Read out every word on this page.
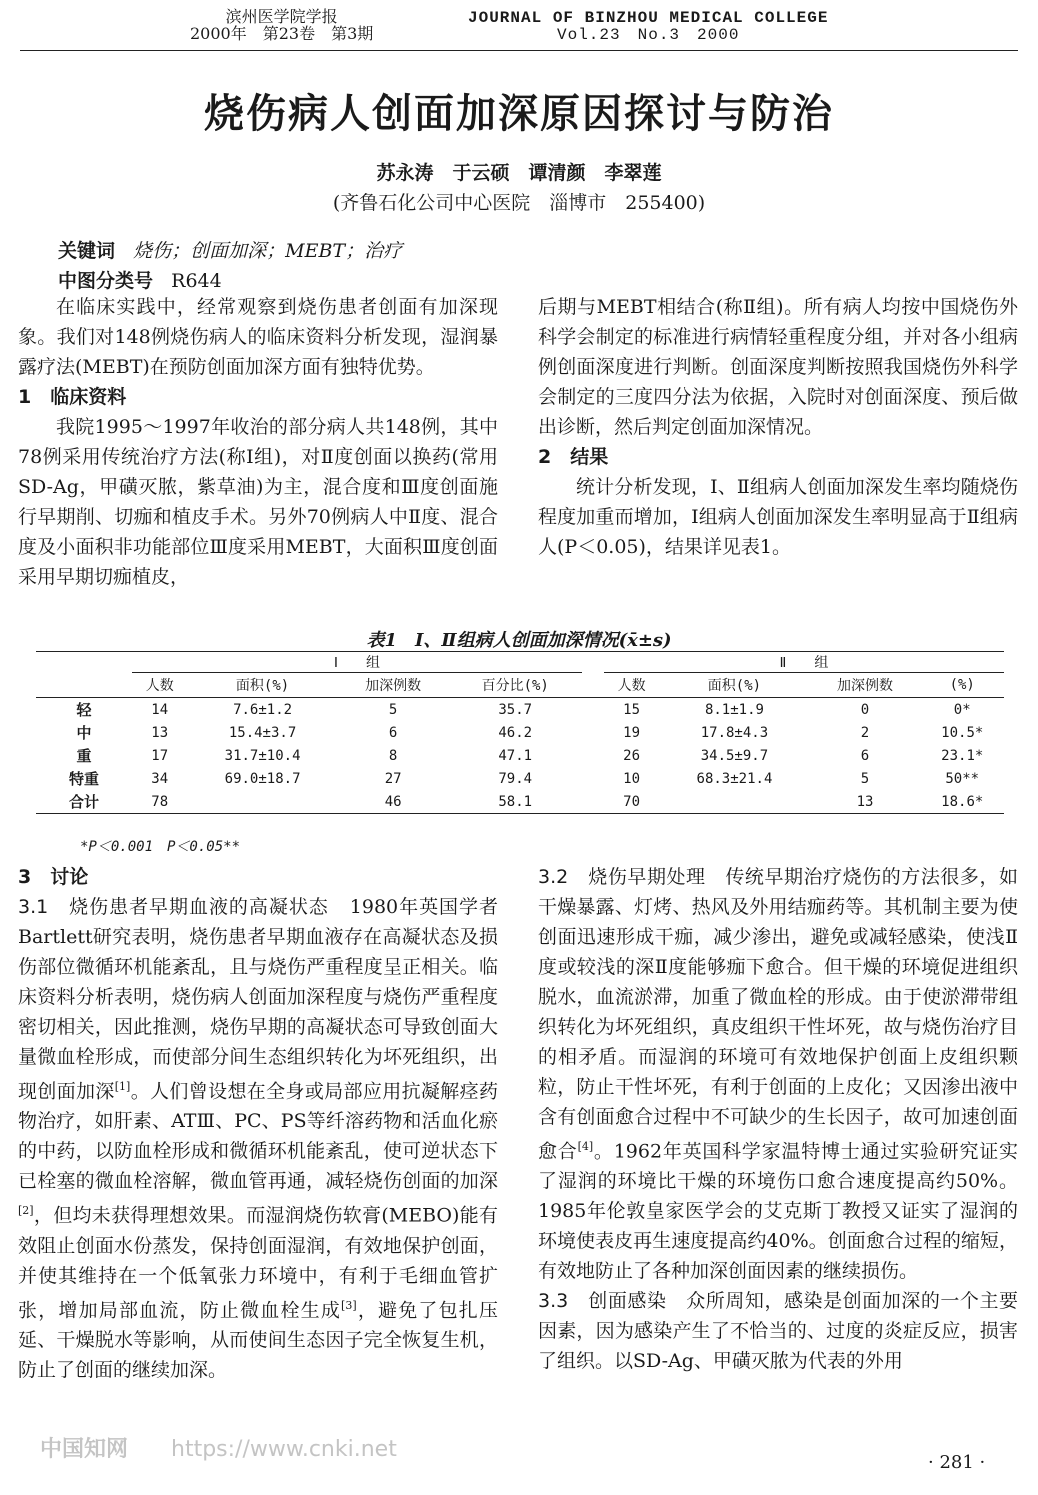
滨州医学院学报
2000年　第23卷　第3期
JOURNAL OF BINZHOU MEDICAL COLLEGE
Vol.23　No.3　2000
烧伤病人创面加深原因探讨与防治
苏永涛　于云硕　谭清颜　李翠莲
(齐鲁石化公司中心医院　淄博市　255400)
关键词 烧伤；创面加深；MEBT；治疗
中图分类号 R644

在临床实践中，经常观察到烧伤患者创面有加深现象。我们对148例烧伤病人的临床资料分析发现，湿润暴露疗法(MEBT)在预防创面加深方面有独特优势。

1　临床资料

我院1995～1997年收治的部分病人共148例，其中78例采用传统治疗方法(称Ⅰ组)，对Ⅱ度创面以换药(常用SD-Ag，甲磺灭脓，紫草油)为主，混合度和Ⅲ度创面施行早期削、切痂和植皮手术。另外70例病人中Ⅱ度、混合度及小面积非功能部位Ⅲ度采用MEBT，大面积Ⅲ度创面采用早期切痂植皮，

后期与MEBT相结合(称Ⅱ组)。所有病人均按中国烧伤外科学会制定的标准进行病情轻重程度分组，并对各小组病例创面深度进行判断。创面深度判断按照我国烧伤外科学会制定的三度四分法为依据，入院时对创面深度、预后做出诊断，然后判定创面加深情况。

2　结果

统计分析发现，Ⅰ、Ⅱ组病人创面加深发生率均随烧伤程度加重而增加，Ⅰ组病人创面加深发生率明显高于Ⅱ组病人(P＜0.05)，结果详见表1。

表1　Ⅰ、Ⅱ组病人创面加深情况(x̄±s)
	Ⅰ　　组					Ⅱ　　组			
	人数	面积(%)	加深例数	百分比(%)		人数	面积(%)	加深例数	(%)
轻	14	7.6±1.2	5	35.7		15	8.1±1.9	0	0*
中	13	15.4±3.7	6	46.2		19	17.8±4.3	2	10.5*
重	17	31.7±10.4	8	47.1		26	34.5±9.7	6	23.1*
特重	34	69.0±18.7	27	79.4		10	68.3±21.4	5	50**
合计	78		46	58.1		70		13	18.6*
*P＜0.001　P＜0.05**

3　讨论

3.1　烧伤患者早期血液的高凝状态 1980年英国学者Bartlett研究表明，烧伤患者早期血液存在高凝状态及损伤部位微循环机能紊乱，且与烧伤严重程度呈正相关。临床资料分析表明，烧伤病人创面加深程度与烧伤严重程度密切相关，因此推测，烧伤早期的高凝状态可导致创面大量微血栓形成，而使部分间生态组织转化为坏死组织，出现创面加深[1]。人们曾设想在全身或局部应用抗凝解痉药物治疗，如肝素、ATⅢ、PC、PS等纤溶药物和活血化瘀的中药，以防血栓形成和微循环机能紊乱，使可逆状态下已栓塞的微血栓溶解，微血管再通，减轻烧伤创面的加深[2]，但均未获得理想效果。而湿润烧伤软膏(MEBO)能有效阻止创面水份蒸发，保持创面湿润，有效地保护创面，并使其维持在一个低氧张力环境中，有利于毛细血管扩张，增加局部血流，防止微血栓生成[3]，避免了包扎压延、干燥脱水等影响，从而使间生态因子完全恢复生机，防止了创面的继续加深。

3.2　烧伤早期处理 传统早期治疗烧伤的方法很多，如干燥暴露、灯烤、热风及外用结痂药等。其机制主要为使创面迅速形成干痂，减少渗出，避免或减轻感染，使浅Ⅱ度或较浅的深Ⅱ度能够痂下愈合。但干燥的环境促进组织脱水，血流淤滞，加重了微血栓的形成。由于使淤滞带组织转化为坏死组织，真皮组织干性坏死，故与烧伤治疗目的相矛盾。而湿润的环境可有效地保护创面上皮组织颗粒，防止干性坏死，有利于创面的上皮化；又因渗出液中含有创面愈合过程中不可缺少的生长因子，故可加速创面愈合[4]。1962年英国科学家温特博士通过实验研究证实了湿润的环境比干燥的环境伤口愈合速度提高约50%。1985年伦敦皇家医学会的艾克斯丁教授又证实了湿润的环境使表皮再生速度提高约40%。创面愈合过程的缩短，有效地防止了各种加深创面因素的继续损伤。

3.3　创面感染 众所周知，感染是创面加深的一个主要因素，因为感染产生了不恰当的、过度的炎症反应，损害了组织。以SD-Ag、甲磺灭脓为代表的外用

中国知网 https://www.cnki.net
· 281 ·
